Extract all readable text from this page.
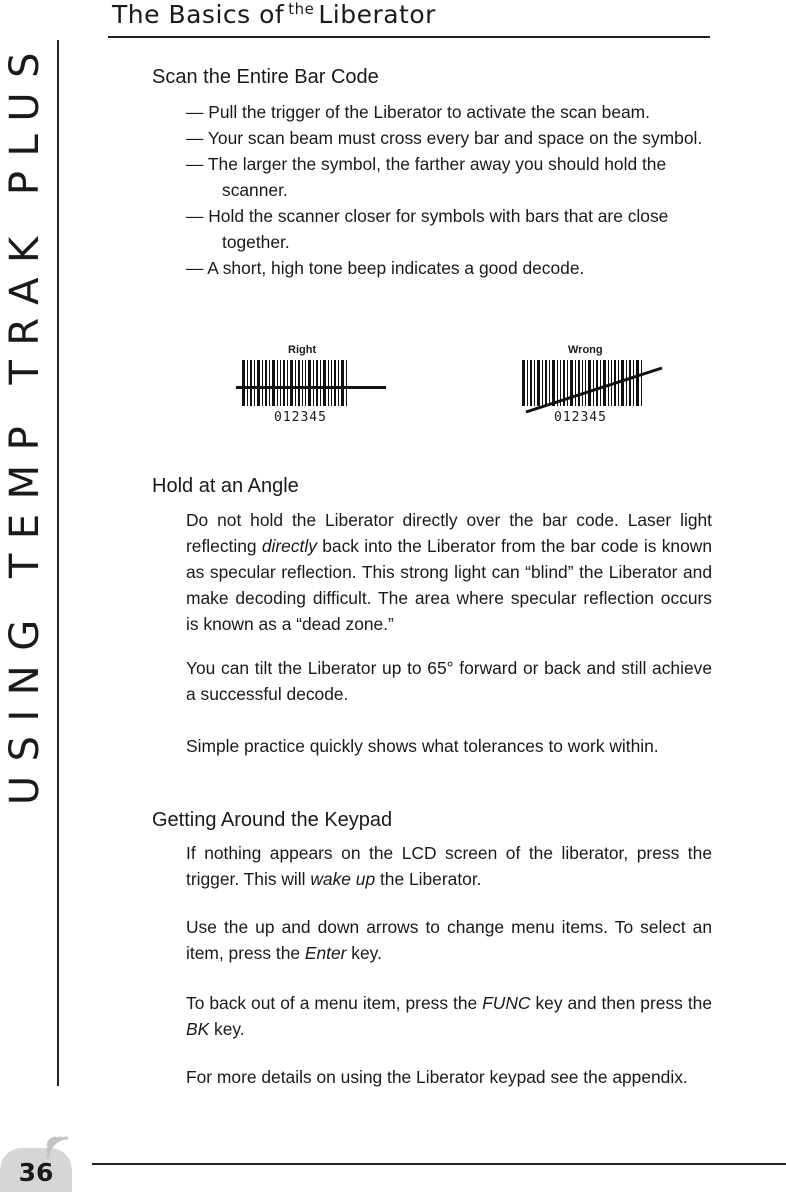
The Basics of $^{the}$ Liberator
USING TEMP TRAK PLUS	Scan the Entire Bar Code
— Pull the trigger of the Liberator to activate the scan beam.
— Your scan beam must cross every bar and space on the symbol.
— The larger the symbol, the farther away you should hold the scanner.
— Hold the scanner closer for symbols with bars that are close together.
— A short, high tone beep indicates a good decode.
Right	Wrong
012345	012345
Hold at an Angle

Do not hold the Liberator directly over the bar code. Laser light reflecting directly back into the Liberator from the bar code is known as specular reflection. This strong light can “blind” the Liberator and make decoding difficult. The area where specular reflection occurs is known as a “dead zone.”

You can tilt the Liberator up to 65° forward or back and still achieve a successful decode.

Simple practice quickly shows what tolerances to work within.

Getting Around the Keypad

If nothing appears on the LCD screen of the liberator, press the trigger. This will wake up the Liberator.

Use the up and down arrows to change menu items. To select an item, press the Enter key.

To back out of a menu item, press the FUNC key and then press the BK key.

For more details on using the Liberator keypad see the appendix.

36
